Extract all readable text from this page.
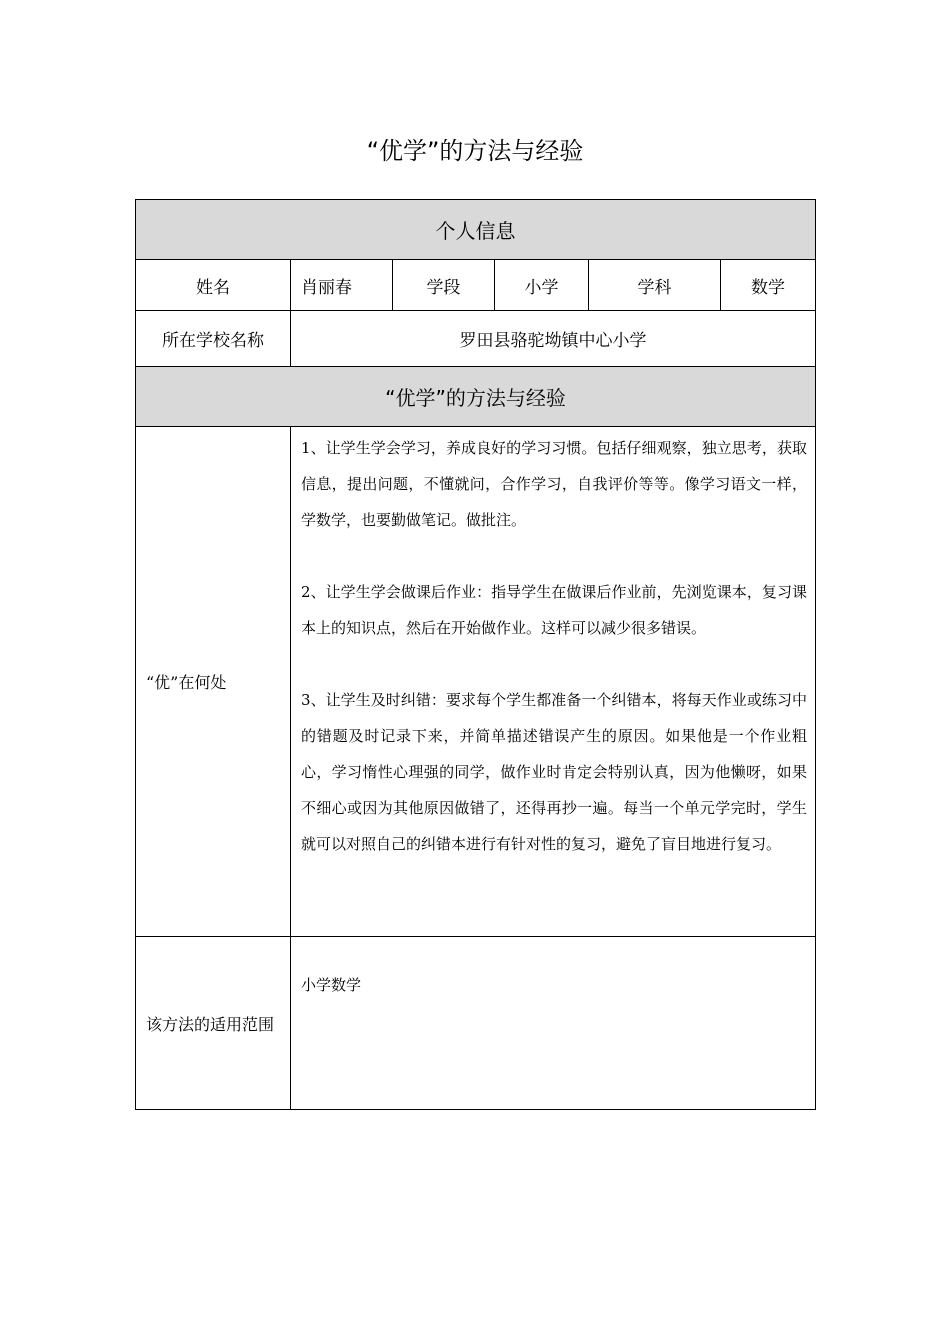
“优学”的方法与经验
个人信息					
姓名	肖丽春	学段	小学	学科	数学
所在学校名称	罗田县骆驼坳镇中心小学				
“优学”的方法与经验					
“优”在何处	1、让学生学会学习，养成良好的学习习惯。包括仔细观察，独立思考，获取信息，提出问题，不懂就问，合作学习，自我评价等等。像学习语文一样，学数学，也要勤做笔记。做批注。

2、让学生学会做课后作业：指导学生在做课后作业前，先浏览课本，复习课本上的知识点，然后在开始做作业。这样可以减少很多错误。

3、让学生及时纠错：要求每个学生都准备一个纠错本，将每天作业或练习中的错题及时记录下来，并简单描述错误产生的原因。如果他是一个作业粗心，学习惰性心理强的同学，做作业时肯定会特别认真，因为他懒呀，如果不细心或因为其他原因做错了，还得再抄一遍。每当一个单元学完时，学生就可以对照自己的纠错本进行有针对性的复习，避免了盲目地进行复习。				

该方法的适用范围	小学数学				
